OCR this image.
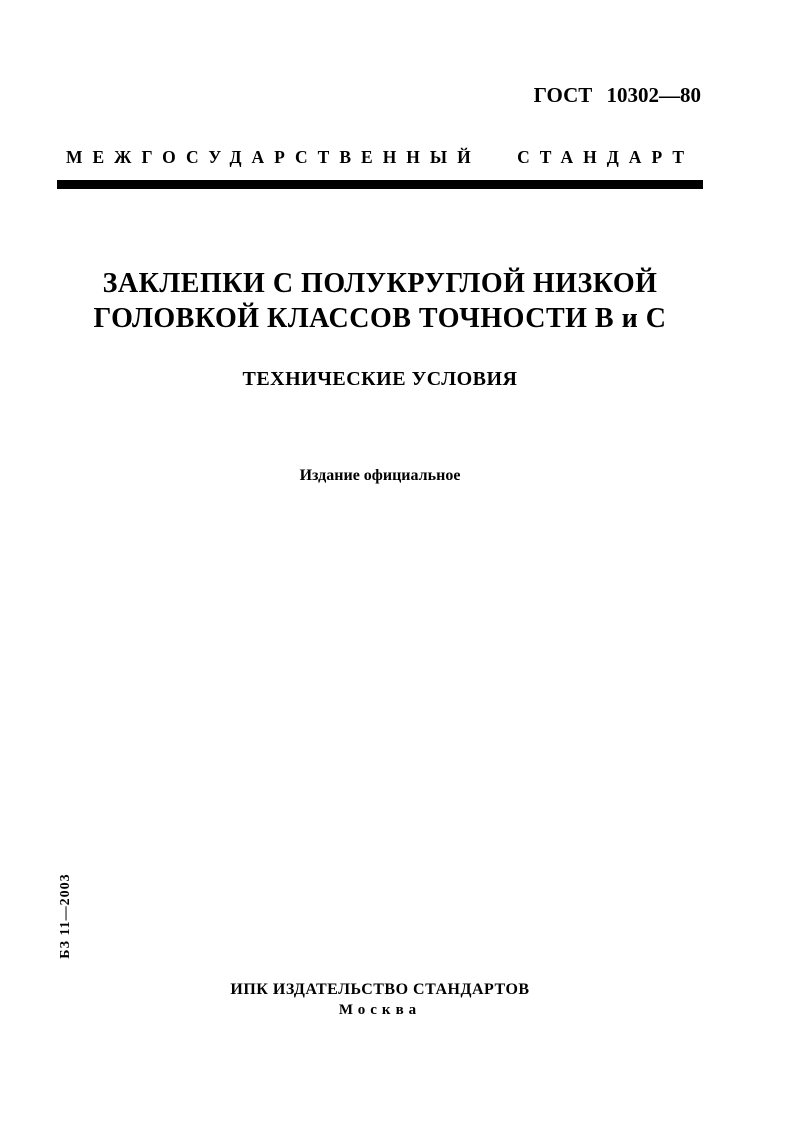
ГОСТ 10302—80
МЕЖГОСУДАРСТВЕННЫЙ СТАНДАРТ
ЗАКЛЕПКИ С ПОЛУКРУГЛОЙ НИЗКОЙ
ГОЛОВКОЙ КЛАССОВ ТОЧНОСТИ В и С
ТЕХНИЧЕСКИЕ УСЛОВИЯ
Издание официальное
БЗ 11—2003
ИПК ИЗДАТЕЛЬСТВО СТАНДАРТОВ
Москва
